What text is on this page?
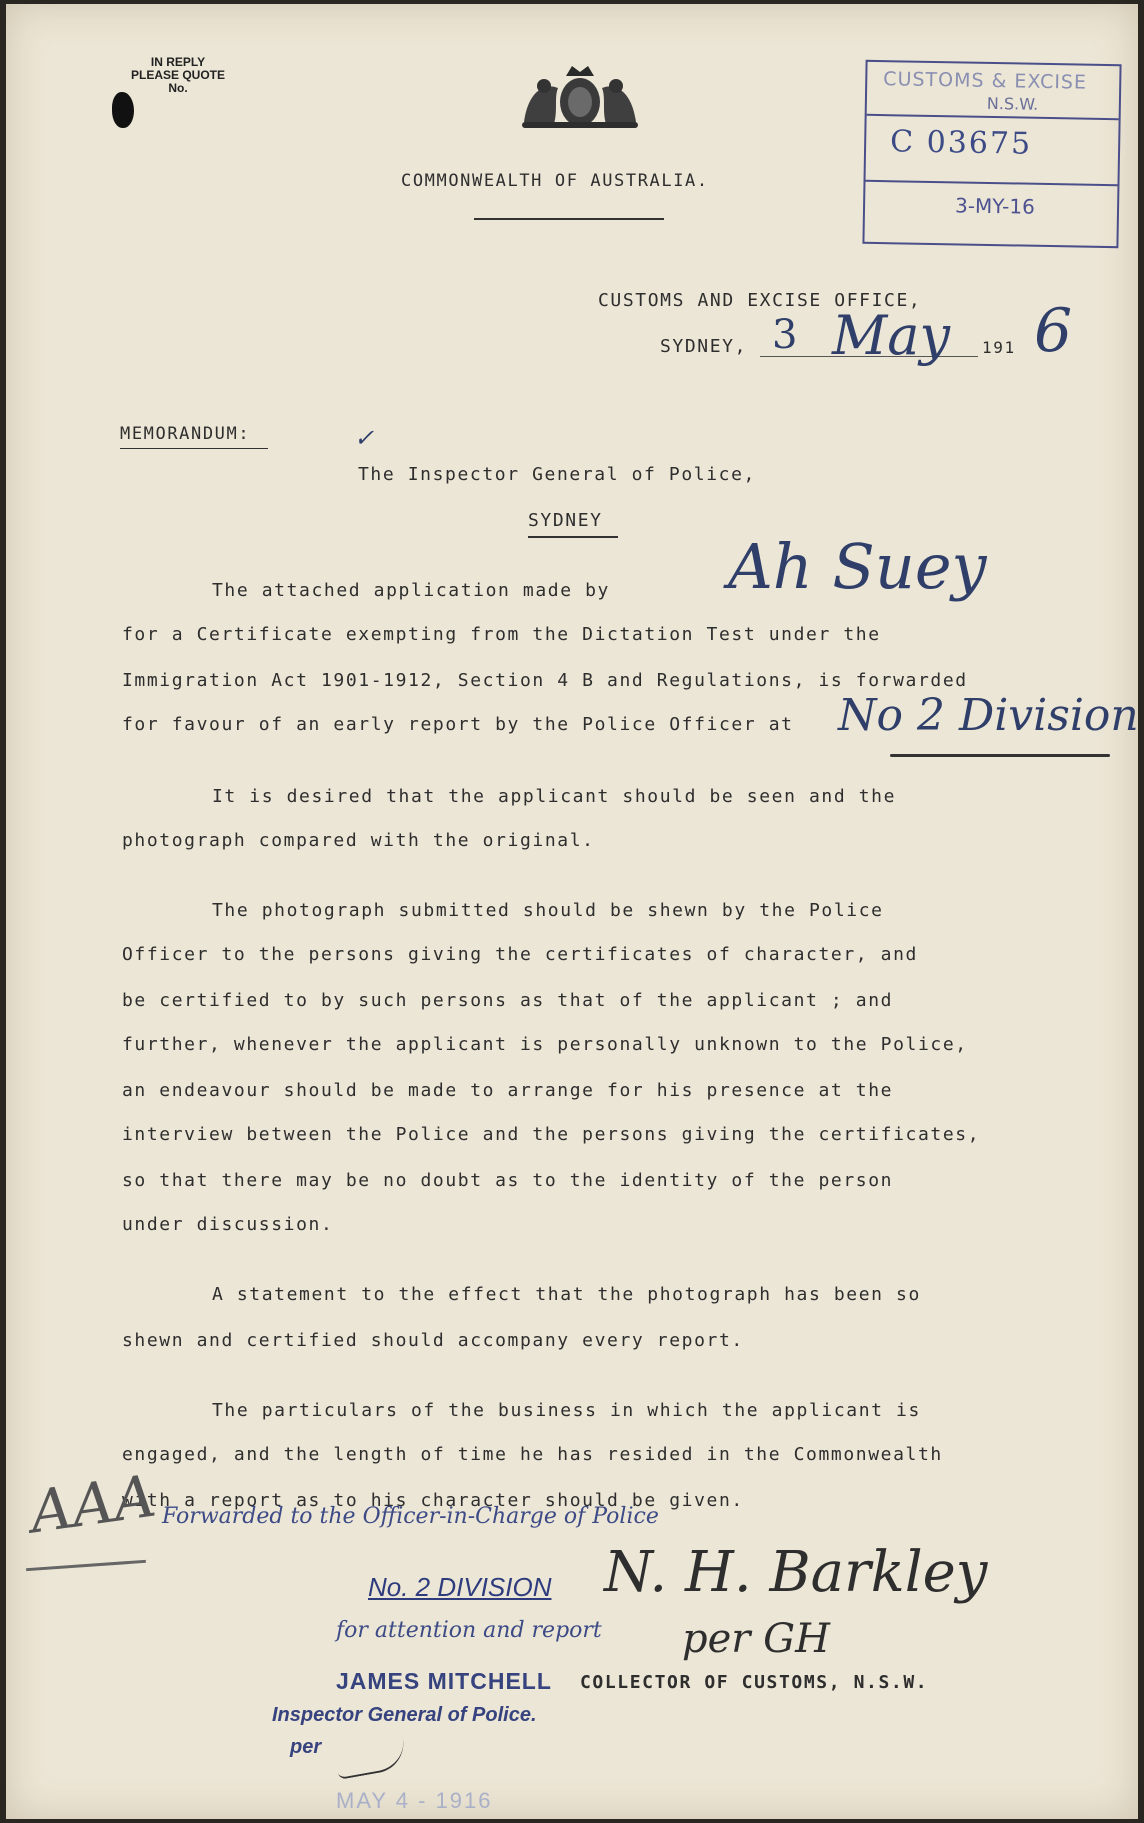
IN REPLY
PLEASE QUOTE
No.
COMMONWEALTH OF AUSTRALIA.
CUSTOMS & EXCISE
N.S.W.
C 03675
3-MY-16
CUSTOMS AND EXCISE OFFICE,
SYDNEY, 3 May 191 6
MEMORANDUM:	✓
The Inspector General of Police,
SYDNEY
The attached application made by Ah Suey
for a Certificate exempting from the Dictation Test under the
Immigration Act 1901-1912, Section 4 B and Regulations, is forwarded
for favour of an early report by the Police Officer at No 2 Division
It is desired that the applicant should be seen and the
photograph compared with the original.
The photograph submitted should be shewn by the Police
Officer to the persons giving the certificates of character, and
be certified to by such persons as that of the applicant ; and
further, whenever the applicant is personally unknown to the Police,
an endeavour should be made to arrange for his presence at the
interview between the Police and the persons giving the certificates,
so that there may be no doubt as to the identity of the person
under discussion.
A statement to the effect that the photograph has been so
shewn and certified should accompany every report.
The particulars of the business in which the applicant is
engaged, and the length of time he has resided in the Commonwealth
with a report as to his character should be given.
AAA Forwarded to the Officer-in-Charge of Police
No. 2 DIVISION
for attention and report
N. H. Barkley
per GH
JAMES MITCHELL COLLECTOR OF CUSTOMS, N.S.W.
Inspector General of Police.
per
MAY 4 - 1916
